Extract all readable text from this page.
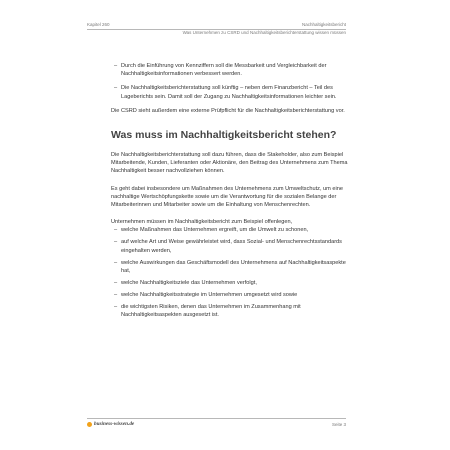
Kapitel 260	Nachhaltigkeitsbericht
Was Unternehmen zu CSRD und Nachhaltigkeitsberichterstattung wissen müssen
– Durch die Einführung von Kennziffern soll die Messbarkeit und Vergleichbarkeit der Nachhaltigkeitsinformationen verbessert werden.
– Die Nachhaltigkeitsberichterstattung soll künftig – neben dem Finanzbericht – Teil des Lageberichts sein. Damit soll der Zugang zu Nachhaltigkeitsinformationen leichter sein.

Die CSRD sieht außerdem eine externe Prüfpflicht für die Nachhaltigkeitsberichterstattung vor.

Was muss im Nachhaltigkeitsbericht stehen?

Die Nachhaltigkeitsberichterstattung soll dazu führen, dass die Stakeholder, also zum Beispiel Mitarbeitende, Kunden, Lieferanten oder Aktionäre, den Beitrag des Unternehmens zum Thema Nachhaltigkeit besser nachvollziehen können.

Es geht dabei insbesondere um Maßnahmen des Unternehmens zum Umweltschutz, um eine nachhaltige Wertschöpfungskette sowie um die Verantwortung für die sozialen Belange der Mitarbeiterinnen und Mitarbeiter sowie um die Einhaltung von Menschenrechten.

Unternehmen müssen im Nachhaltigkeitsbericht zum Beispiel offenlegen,

– welche Maßnahmen das Unternehmen ergreift, um die Umwelt zu schonen,
– auf welche Art und Weise gewährleistet wird, dass Sozial- und Menschenrechtsstandards eingehalten werden,
– welche Auswirkungen das Geschäftsmodell des Unternehmens auf Nachhaltigkeitsaspekte hat,
– welche Nachhaltigkeitsziele das Unternehmen verfolgt,
– welche Nachhaltigkeitsstrategie im Unternehmen umgesetzt wird sowie
– die wichtigsten Risiken, denen das Unternehmen im Zusammenhang mit Nachhaltigkeitsaspekten ausgesetzt ist.
business-wissen.de	Seite 3
